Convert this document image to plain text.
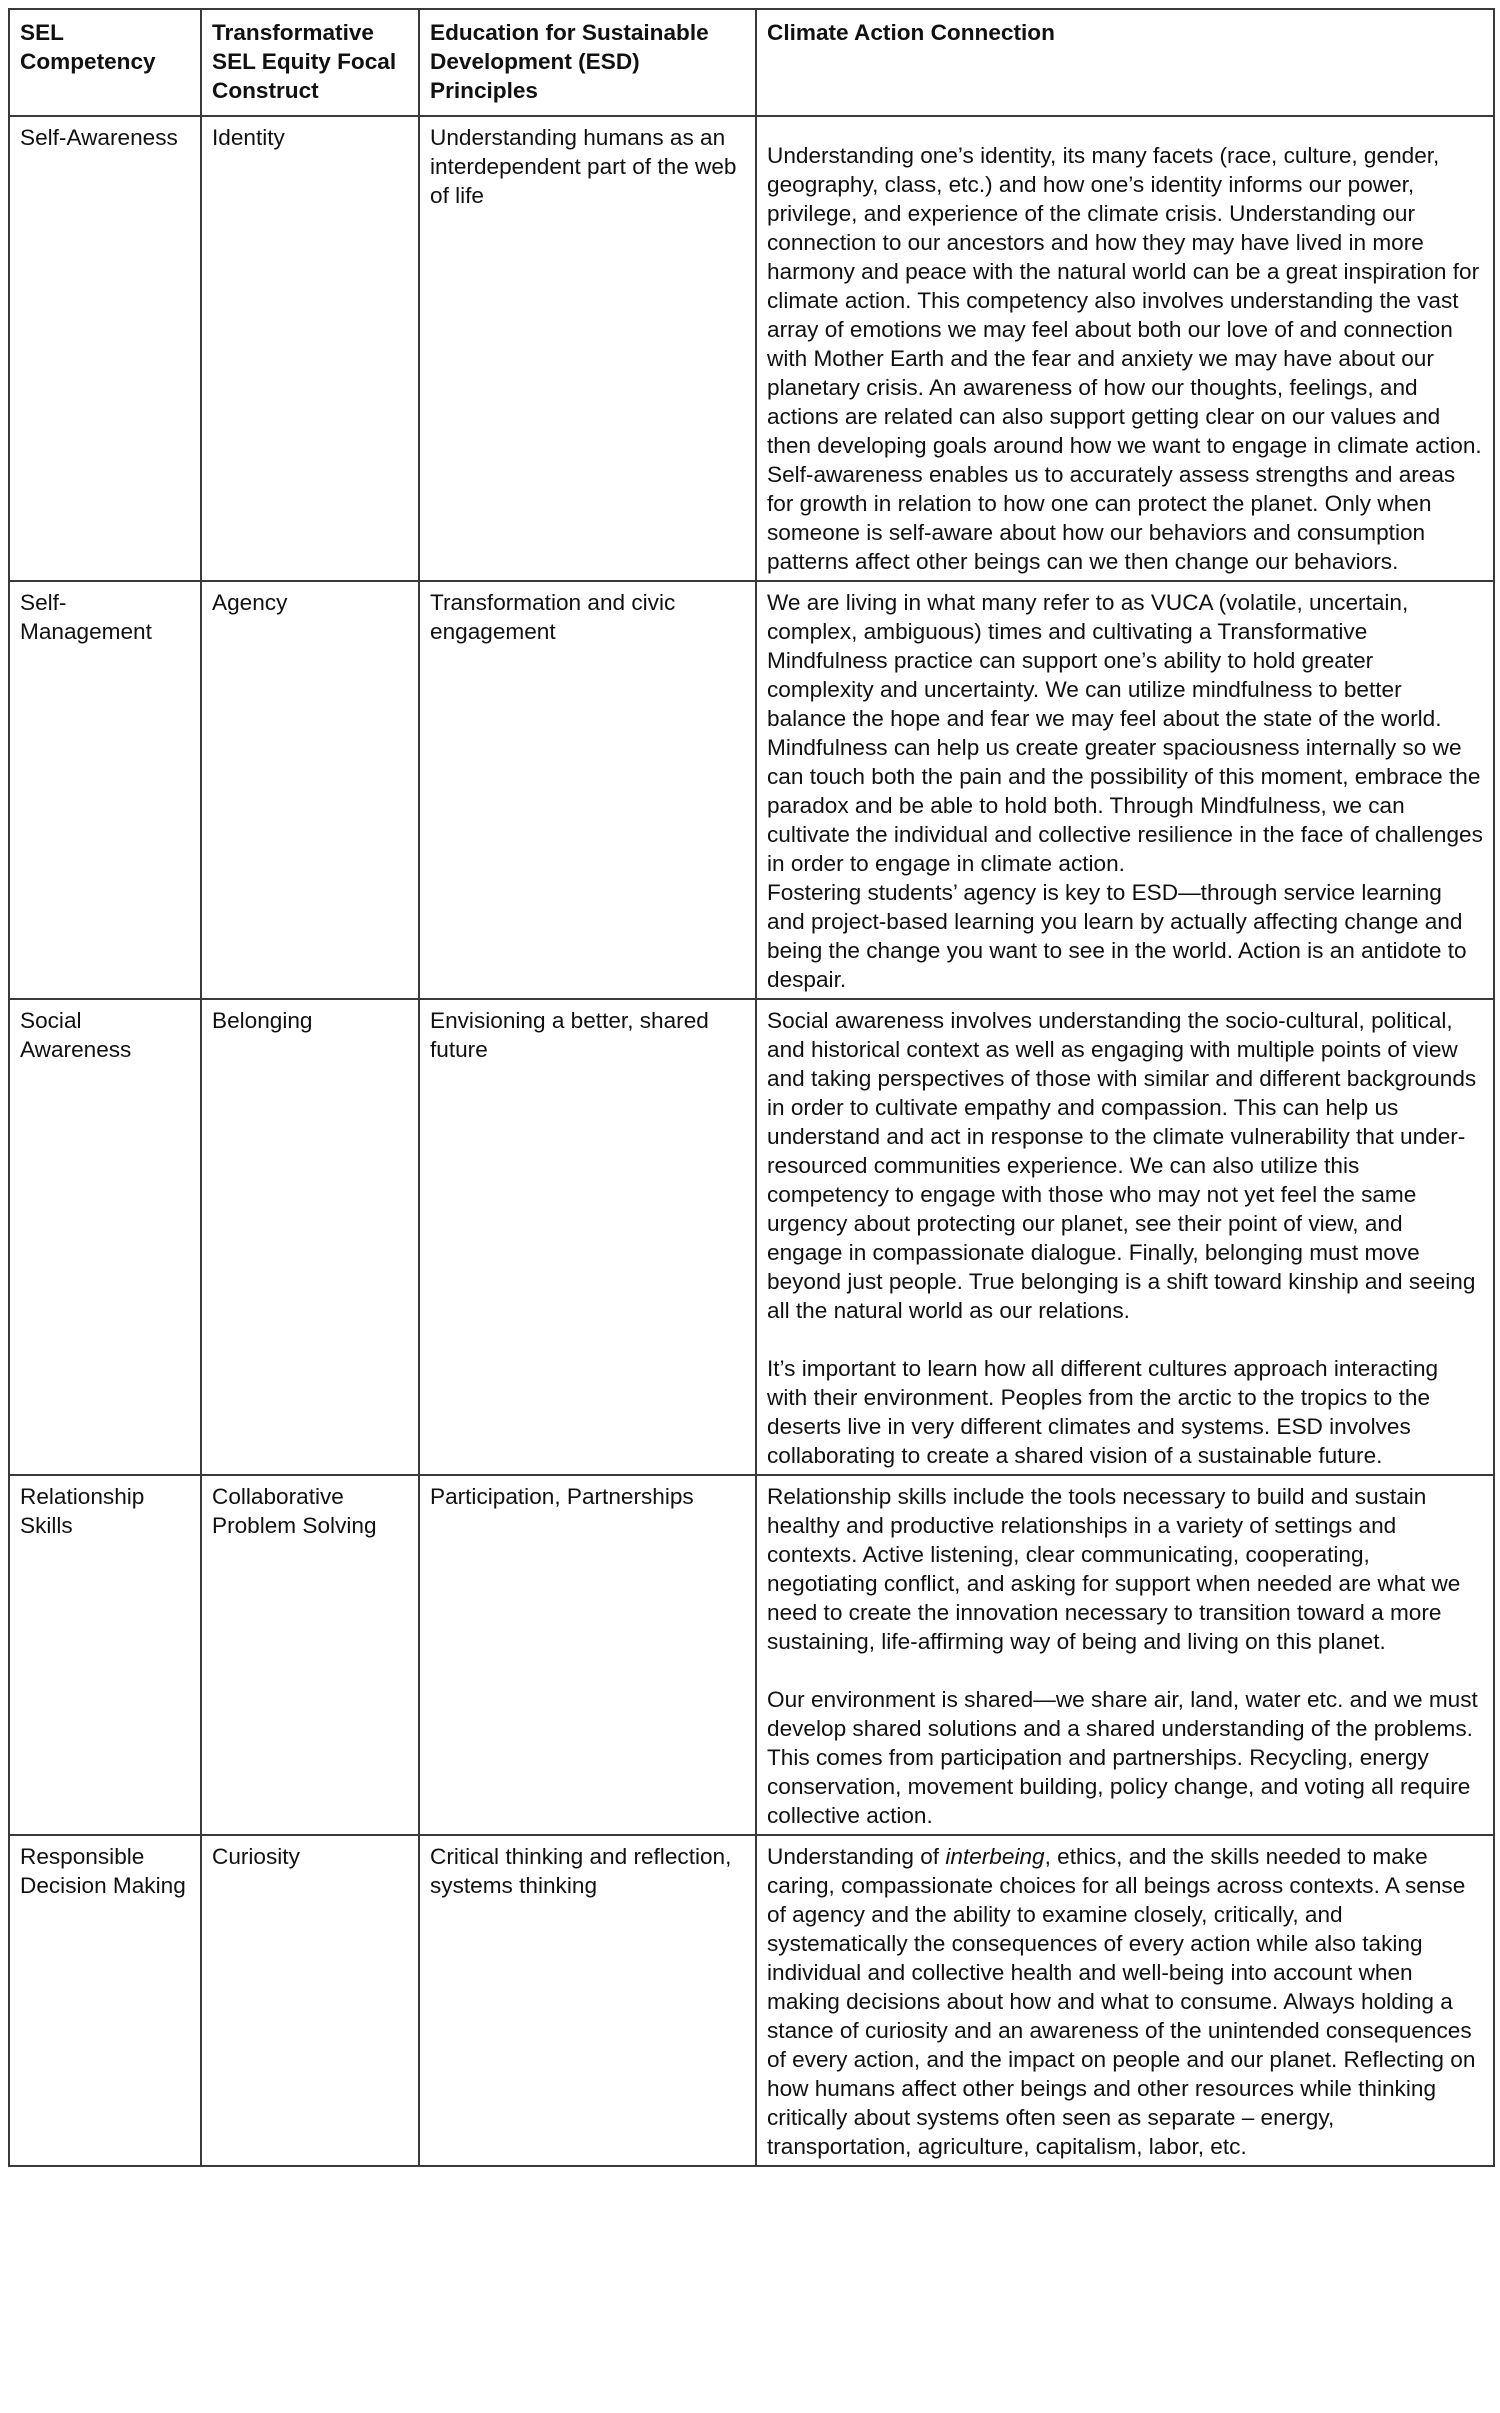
SEL Competency	Transformative SEL Equity Focal Construct	Education for Sustainable Development (ESD) Principles	Climate Action Connection
Self-Awareness	Identity	Understanding humans as an interdependent part of the web of life	Understanding one’s identity, its many facets (race, culture, gender, geography, class, etc.) and how one’s identity informs our power, privilege, and experience of the climate crisis. Understanding our connection to our ancestors and how they may have lived in more harmony and peace with the natural world can be a great inspiration for climate action. This competency also involves understanding the vast array of emotions we may feel about both our love of and connection with Mother Earth and the fear and anxiety we may have about our planetary crisis. An awareness of how our thoughts, feelings, and actions are related can also support getting clear on our values and then developing goals around how we want to engage in climate action. Self-awareness enables us to accurately assess strengths and areas for growth in relation to how one can protect the planet. Only when someone is self-aware about how our behaviors and consumption patterns affect other beings can we then change our behaviors.

Self-Management	Agency	Transformation and civic engagement	We are living in what many refer to as VUCA (volatile, uncertain, complex, ambiguous) times and cultivating a Transformative Mindfulness practice can support one’s ability to hold greater complexity and uncertainty. We can utilize mindfulness to better balance the hope and fear we may feel about the state of the world. Mindfulness can help us create greater spaciousness internally so we can touch both the pain and the possibility of this moment, embrace the paradox and be able to hold both. Through Mindfulness, we can cultivate the individual and collective resilience in the face of challenges in order to engage in climate action.

Fostering students’ agency is key to ESD—through service learning and project-based learning you learn by actually affecting change and being the change you want to see in the world. Action is an antidote to despair.

Social Awareness	Belonging	Envisioning a better, shared future	Social awareness involves understanding the socio-cultural, political, and historical context as well as engaging with multiple points of view and taking perspectives of those with similar and different backgrounds in order to cultivate empathy and compassion. This can help us understand and act in response to the climate vulnerability that under-resourced communities experience. We can also utilize this competency to engage with those who may not yet feel the same urgency about protecting our planet, see their point of view, and engage in compassionate dialogue. Finally, belonging must move beyond just people. True belonging is a shift toward kinship and seeing all the natural world as our relations.

It’s important to learn how all different cultures approach interacting with their environment. Peoples from the arctic to the tropics to the deserts live in very different climates and systems. ESD involves collaborating to create a shared vision of a sustainable future.

Relationship Skills	Collaborative Problem Solving	Participation, Partnerships	Relationship skills include the tools necessary to build and sustain healthy and productive relationships in a variety of settings and contexts. Active listening, clear communicating, cooperating, negotiating conflict, and asking for support when needed are what we need to create the innovation necessary to transition toward a more sustaining, life-affirming way of being and living on this planet.

Our environment is shared—we share air, land, water etc. and we must develop shared solutions and a shared understanding of the problems. This comes from participation and partnerships. Recycling, energy conservation, movement building, policy change, and voting all require collective action.

Responsible Decision Making	Curiosity	Critical thinking and reflection, systems thinking	Understanding of interbeing, ethics, and the skills needed to make caring, compassionate choices for all beings across contexts. A sense of agency and the ability to examine closely, critically, and systematically the consequences of every action while also taking individual and collective health and well-being into account when making decisions about how and what to consume. Always holding a stance of curiosity and an awareness of the unintended consequences of every action, and the impact on people and our planet. Reflecting on how humans affect other beings and other resources while thinking critically about systems often seen as separate – energy, transportation, agriculture, capitalism, labor, etc.
